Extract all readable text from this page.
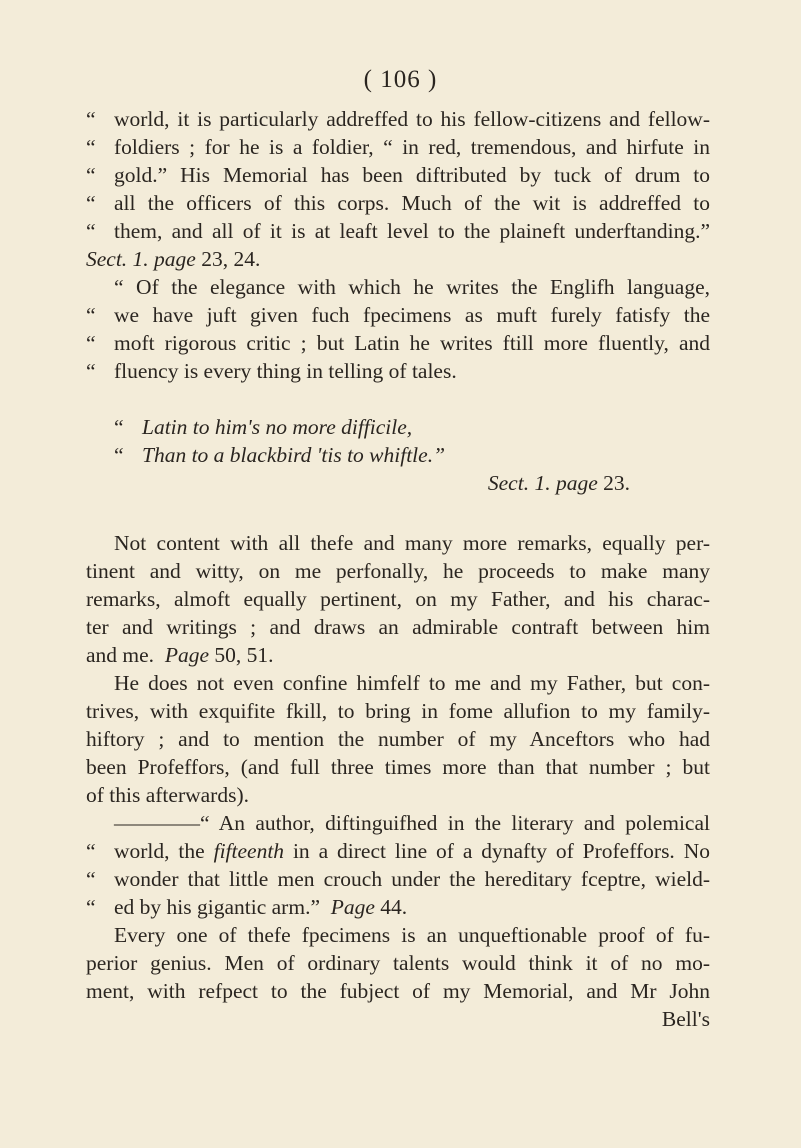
( 106 )
“ world, it is particularly addreffed to his fellow-citizens and fellow-
“ foldiers ; for he is a foldier, “ in red, tremendous, and hirfute in
“ gold.” His Memorial has been diftributed by tuck of drum to
“ all the officers of this corps. Much of the wit is addreffed to
“ them, and all of it is at leaft level to the plaineft underftanding.”
Sect. 1. page 23, 24.
“ Of the elegance with which he writes the Englifh language,
“ we have juft given fuch fpecimens as muft furely fatisfy the
“ moft rigorous critic ; but Latin he writes ftill more fluently, and
“ fluency is every thing in telling of tales.
“ Latin to him's no more difficile,
“ Than to a blackbird 'tis to whiftle.”
Sect. 1. page 23.
Not content with all thefe and many more remarks, equally per-
tinent and witty, on me perfonally, he proceeds to make many
remarks, almoft equally pertinent, on my Father, and his charac-
ter and writings ; and draws an admirable contraft between him
and me. Page 50, 51.
He does not even confine himfelf to me and my Father, but con-
trives, with exquifite fkill, to bring in fome allufion to my family-
hiftory ; and to mention the number of my Anceftors who had
been Profeffors, (and full three times more than that number ; but
of this afterwards).
————“ An author, diftinguifhed in the literary and polemical
“ world, the fifteenth in a direct line of a dynafty of Profeffors. No
“ wonder that little men crouch under the hereditary fceptre, wield-
“ ed by his gigantic arm.” Page 44.
Every one of thefe fpecimens is an unqueftionable proof of fu-
perior genius. Men of ordinary talents would think it of no mo-
ment, with refpect to the fubject of my Memorial, and Mr John
Bell's
